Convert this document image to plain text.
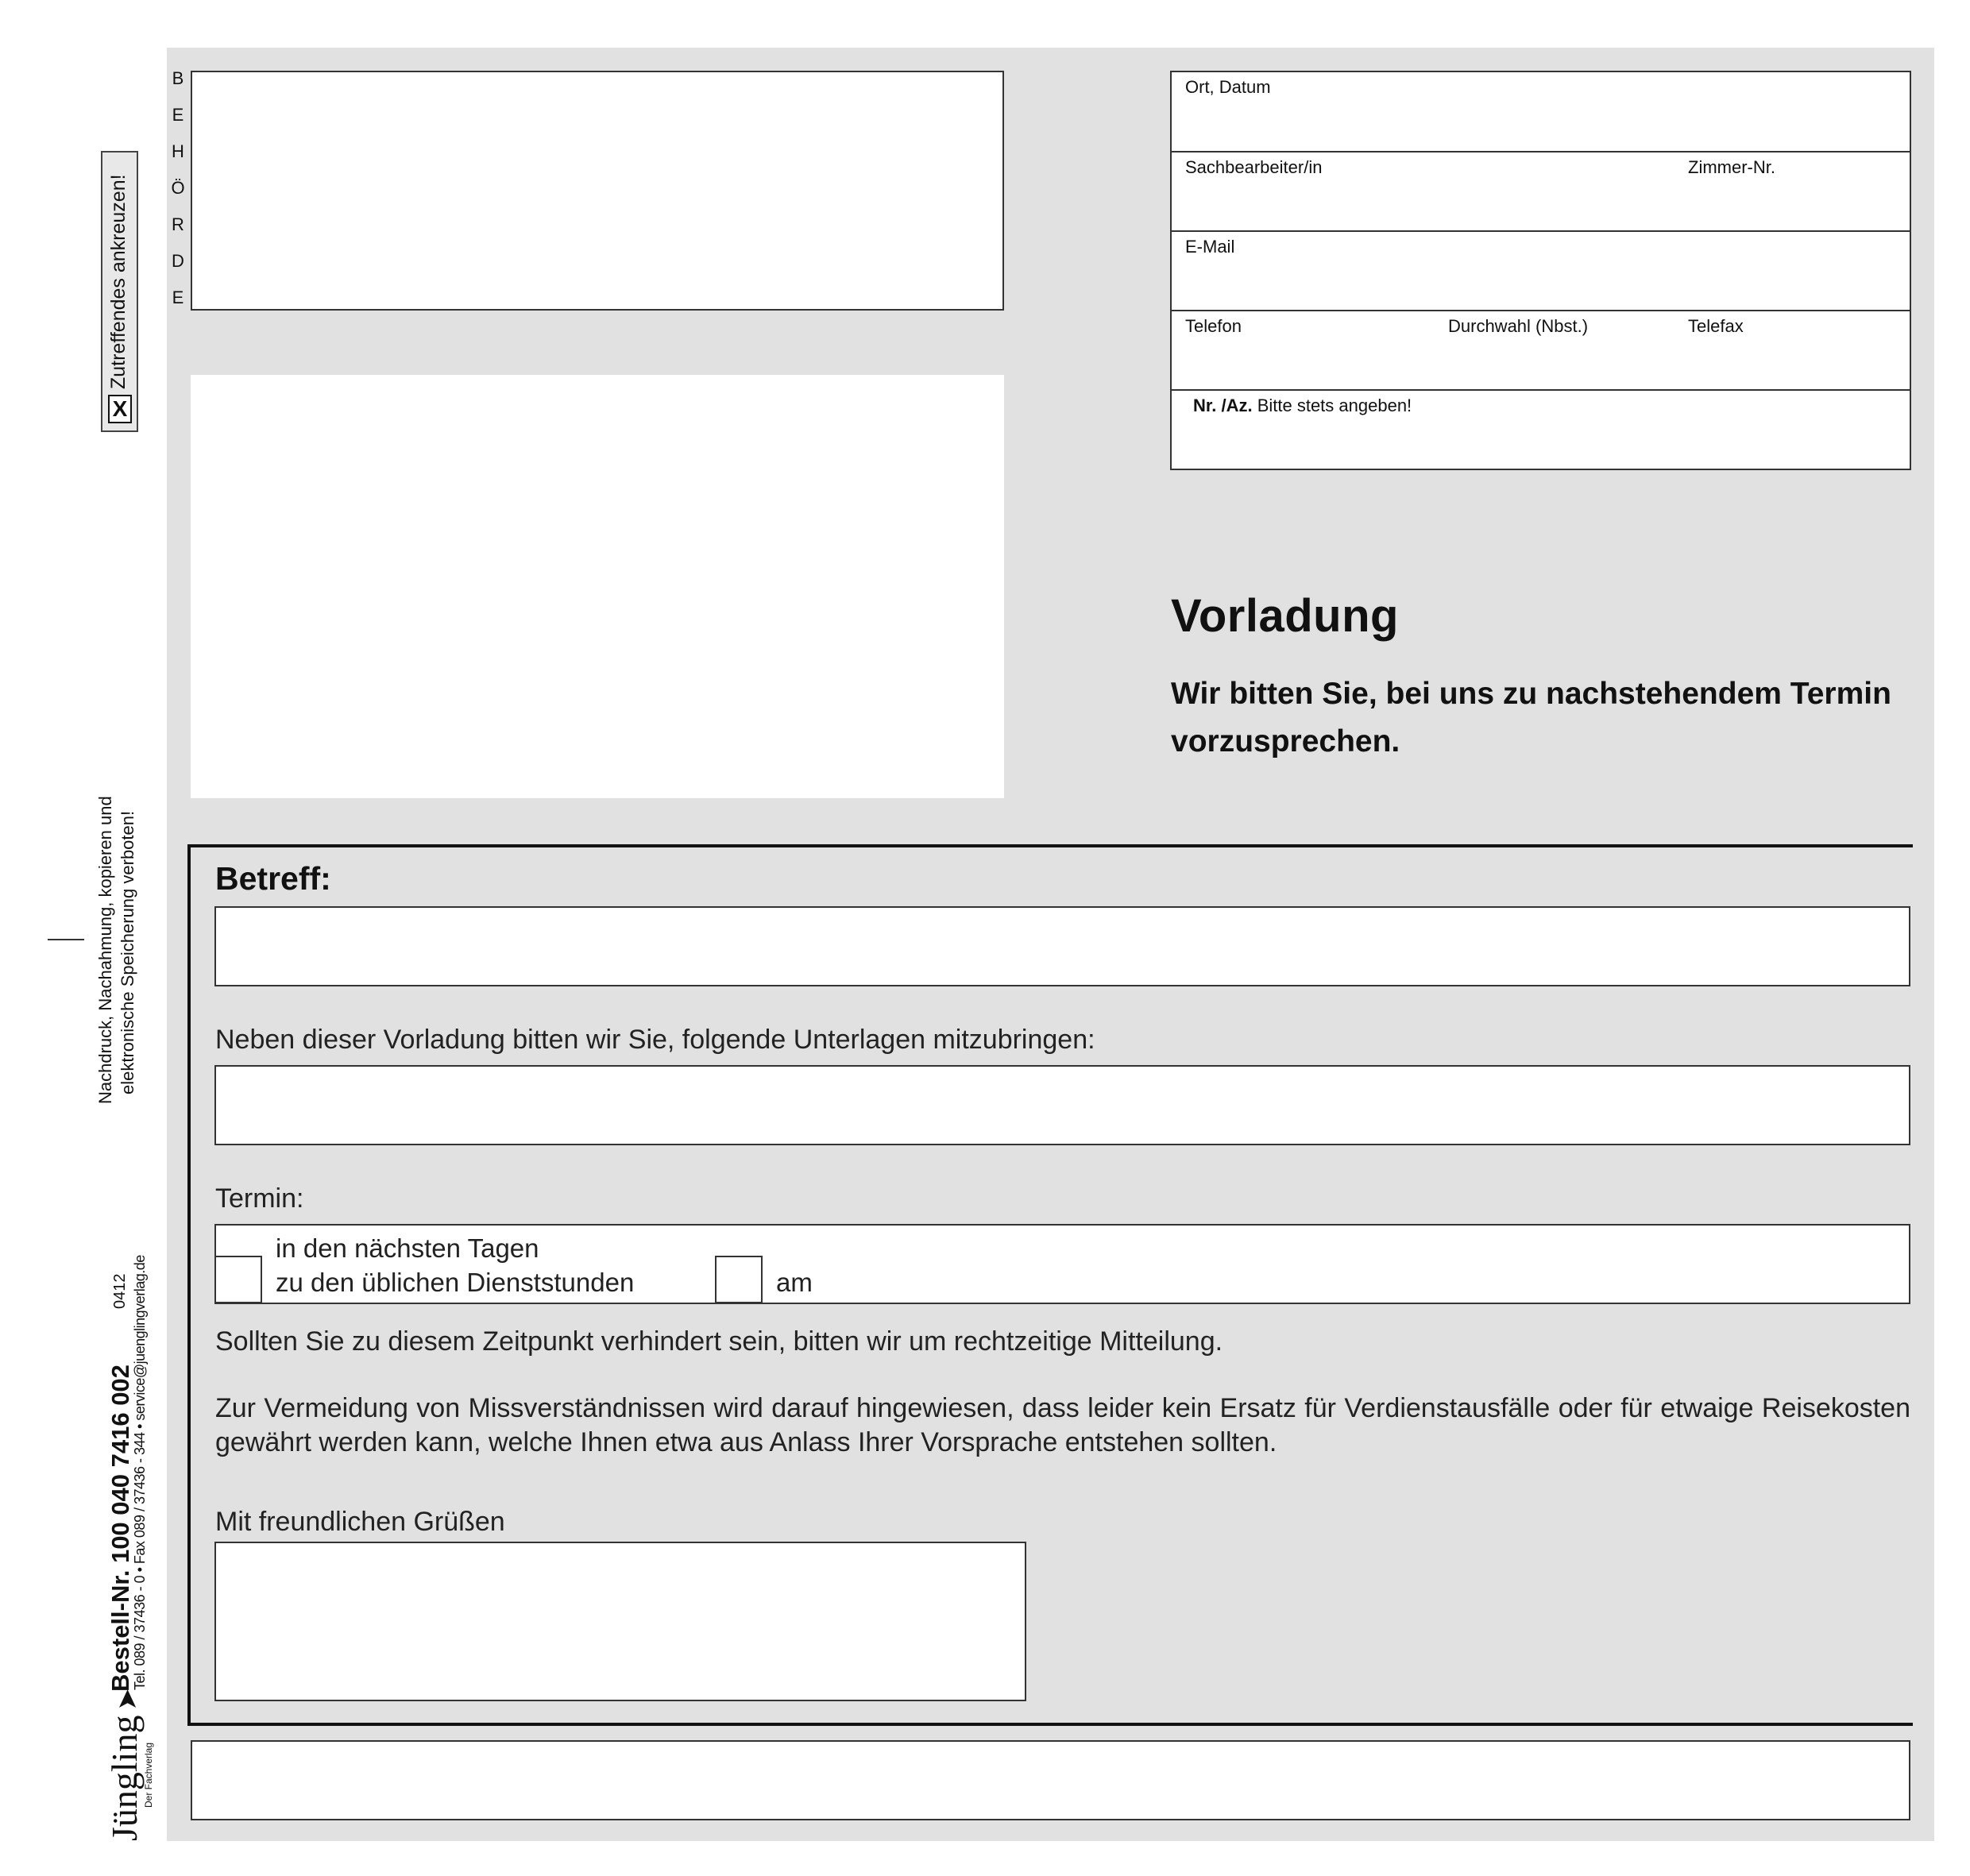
Zutreffendes ankreuzen!
X
Nachdruck, Nachahmung, kopieren und elektronische Speicherung verboten!
0412
Bestell-Nr. 100 040 7416 002
Tel. 089 / 37436 - 0 • Fax 089 / 37436 - 344 • service@juenglingverlag.de
Jüngling
➤
Der Fachverlag
B
E
H
Ö
R
D
E
Ort, Datum
Sachbearbeiter/in	Zimmer-Nr.
E-Mail
Telefon	Durchwahl (Nbst.)	Telefax
Nr. /Az. Bitte stets angeben!
Vorladung
Wir bitten Sie, bei uns zu nachstehendem Termin
vorzusprechen.
Betreff:
Neben dieser Vorladung bitten wir Sie, folgende Unterlagen mitzubringen:
Termin:
in den nächsten Tagen
zu den üblichen Dienststunden	am
Sollten Sie zu diesem Zeitpunkt verhindert sein, bitten wir um rechtzeitige Mitteilung.
Zur Vermeidung von Missverständnissen wird darauf hingewiesen, dass leider kein Ersatz für Verdienstausfälle oder für etwaige Reisekosten gewährt werden kann, welche Ihnen etwa aus Anlass Ihrer Vorsprache entstehen sollten.
Mit freundlichen Grüßen
